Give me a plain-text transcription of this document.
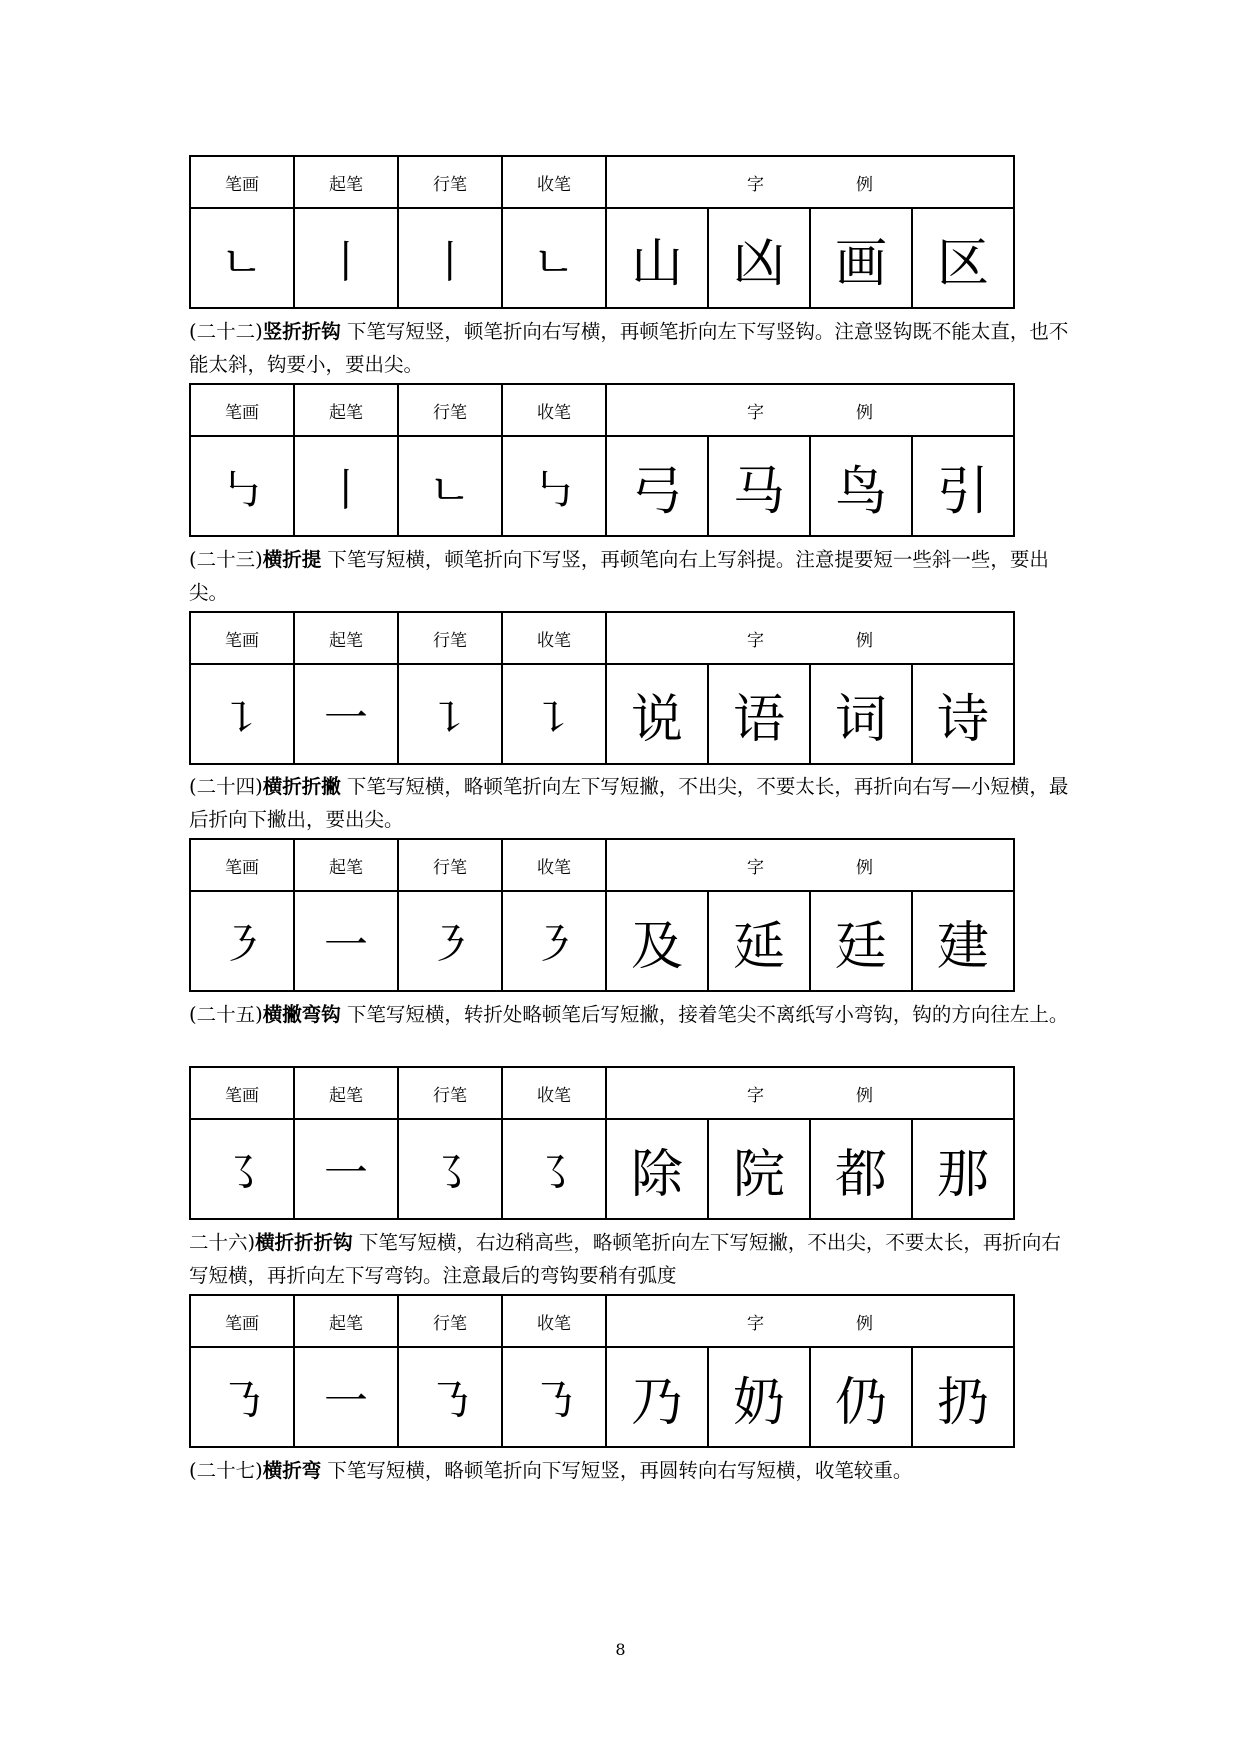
笔画	起笔	行笔	收笔	字 例			
ㄴ	丨	丨	ㄴ	山	凶	画	区
(二十二)竖折折钩 下笔写短竖，顿笔折向右写横，再顿笔折向左下写竖钩。注意竖钩既不能太直，也不能太斜，钩要小，要出尖。
笔画	起笔	行笔	收笔	字 例			
㇉	丨	ㄴ	㇉	弓	马	鸟	引
(二十三)横折提 下笔写短横，顿笔折向下写竖，再顿笔向右上写斜提。注意提要短一些斜一些，要出尖。
笔画	起笔	行笔	收笔	字 例			
㇊	一	㇊	㇊	说	语	词	诗
(二十四)横折折撇 下笔写短横，略顿笔折向左下写短撇，不出尖，不要太长，再折向右写—小短横，最后折向下撇出，要出尖。
笔画	起笔	行笔	收笔	字 例			
㇋	一	㇋	㇋	及	延	廷	建
(二十五)横撇弯钩 下笔写短横，转折处略顿笔后写短撇，接着笔尖不离纸写小弯钩，钩的方向往左上。
笔画	起笔	行笔	收笔	字 例			
㇌	一	㇌	㇌	除	院	都	那
二十六)横折折折钩 下笔写短横，右边稍高些，略顿笔折向左下写短撇，不出尖，不要太长，再折向右写短横，再折向左下写弯钧。注意最后的弯钩要稍有弧度
笔画	起笔	行笔	收笔	字 例			
㇡	一	㇡	㇡	乃	奶	仍	扔
(二十七)横折弯 下笔写短横，略顿笔折向下写短竖，再圆转向右写短横，收笔较重。
8
